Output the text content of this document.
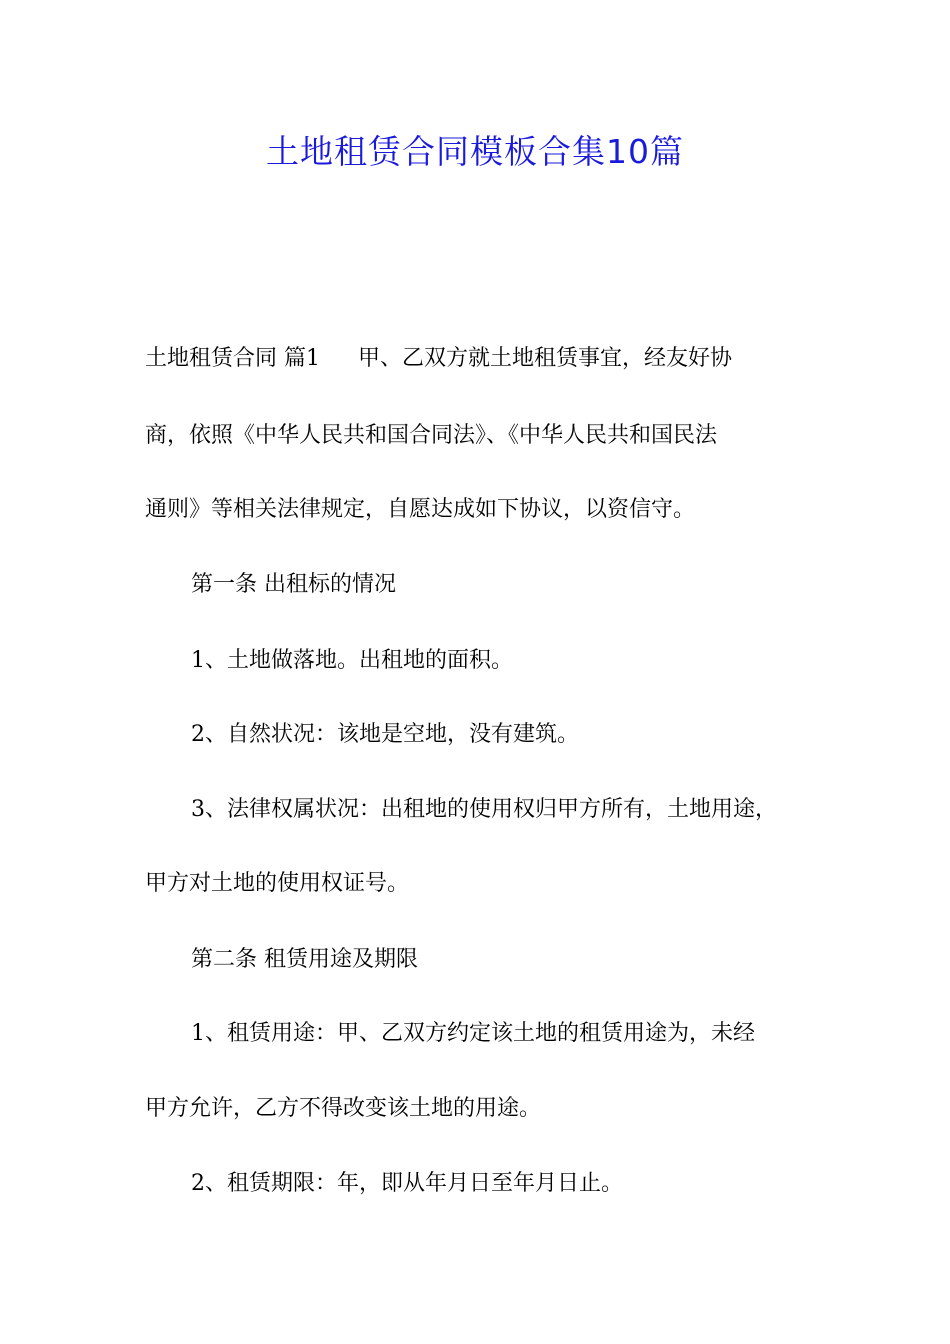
土地租赁合同模板合集10篇

土地租赁合同 篇1 甲、乙双方就土地租赁事宜，经友好协

商，依照《中华人民共和国合同法》、《中华人民共和国民法

通则》等相关法律规定，自愿达成如下协议，以资信守。

第一条 出租标的情况

1、土地做落地。出租地的面积。

2、自然状况：该地是空地，没有建筑。

3、法律权属状况：出租地的使用权归甲方所有，土地用途，

甲方对土地的使用权证号。

第二条 租赁用途及期限

1、租赁用途：甲、乙双方约定该土地的租赁用途为，未经

甲方允许，乙方不得改变该土地的用途。

2、租赁期限：年，即从年月日至年月日止。
